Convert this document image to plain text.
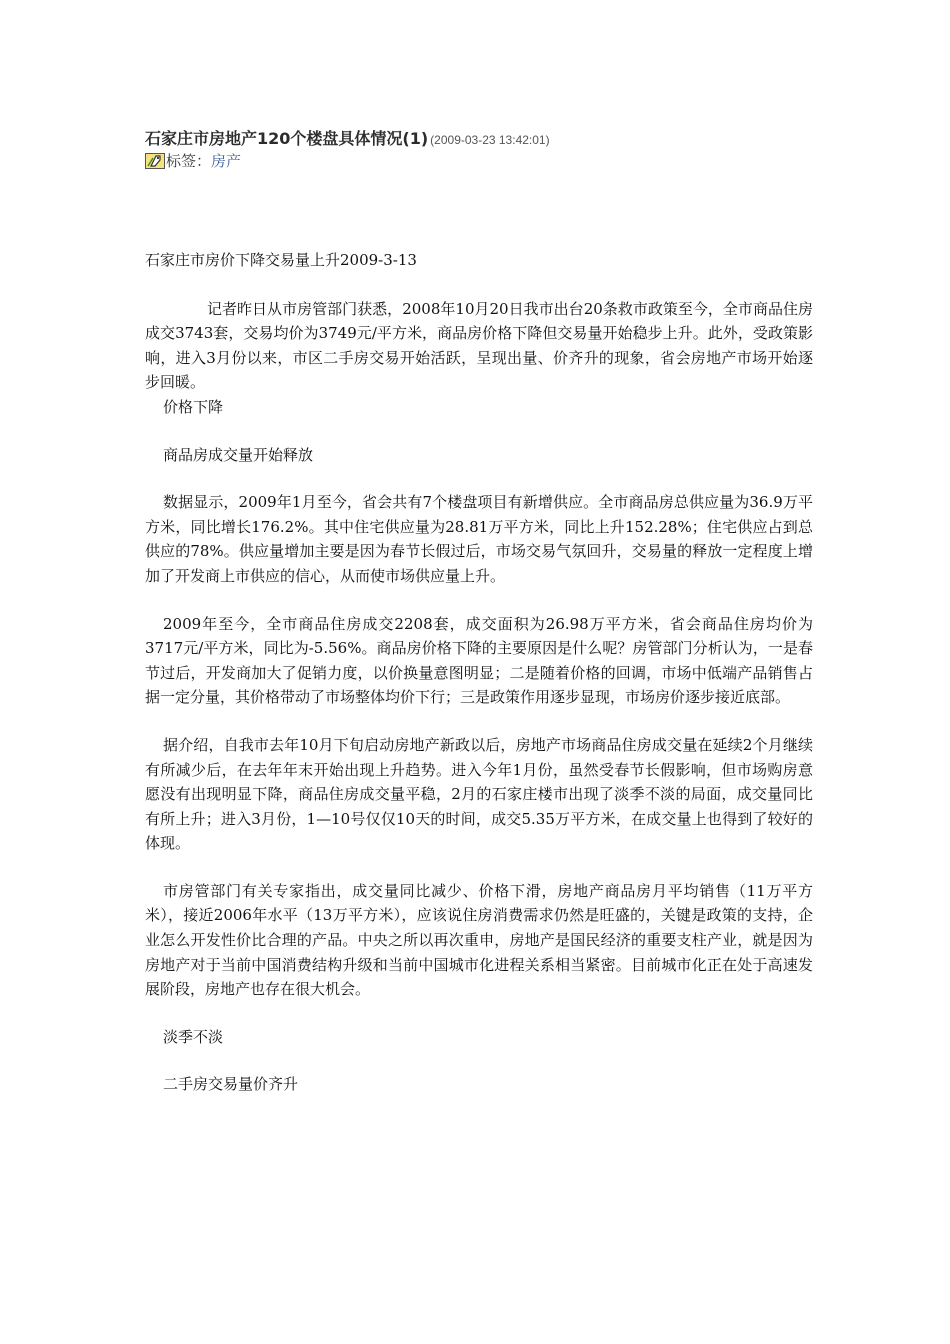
石家庄市房地产120个楼盘具体情况(1) (2009-03-23 13:42:01)
标签： 房产

石家庄市房价下降交易量上升2009-3-13

记者昨日从市房管部门获悉，2008年10月20日我市出台20条救市政策至今，全市商品住房成交3743套，交易均价为3749元/平方米，商品房价格下降但交易量开始稳步上升。此外，受政策影响，进入3月份以来，市区二手房交易开始活跃，呈现出量、价齐升的现象，省会房地产市场开始逐步回暖。

价格下降

商品房成交量开始释放

数据显示，2009年1月至今，省会共有7个楼盘项目有新增供应。全市商品房总供应量为36.9万平方米，同比增长176.2%。其中住宅供应量为28.81万平方米，同比上升152.28%；住宅供应占到总供应的78%。供应量增加主要是因为春节长假过后，市场交易气氛回升，交易量的释放一定程度上增加了开发商上市供应的信心，从而使市场供应量上升。

2009年至今，全市商品住房成交2208套，成交面积为26.98万平方米，省会商品住房均价为3717元/平方米，同比为-5.56%。商品房价格下降的主要原因是什么呢？房管部门分析认为，一是春节过后，开发商加大了促销力度，以价换量意图明显；二是随着价格的回调，市场中低端产品销售占据一定分量，其价格带动了市场整体均价下行；三是政策作用逐步显现，市场房价逐步接近底部。

据介绍，自我市去年10月下旬启动房地产新政以后，房地产市场商品住房成交量在延续2个月继续有所减少后，在去年年末开始出现上升趋势。进入今年1月份，虽然受春节长假影响，但市场购房意愿没有出现明显下降，商品住房成交量平稳，2月的石家庄楼市出现了淡季不淡的局面，成交量同比有所上升；进入3月份，1—10号仅仅10天的时间，成交5.35万平方米，在成交量上也得到了较好的体现。

市房管部门有关专家指出，成交量同比减少、价格下滑，房地产商品房月平均销售（11万平方米），接近2006年水平（13万平方米），应该说住房消费需求仍然是旺盛的，关键是政策的支持，企业怎么开发性价比合理的产品。中央之所以再次重申，房地产是国民经济的重要支柱产业，就是因为房地产对于当前中国消费结构升级和当前中国城市化进程关系相当紧密。目前城市化正在处于高速发展阶段，房地产也存在很大机会。

淡季不淡

二手房交易量价齐升
